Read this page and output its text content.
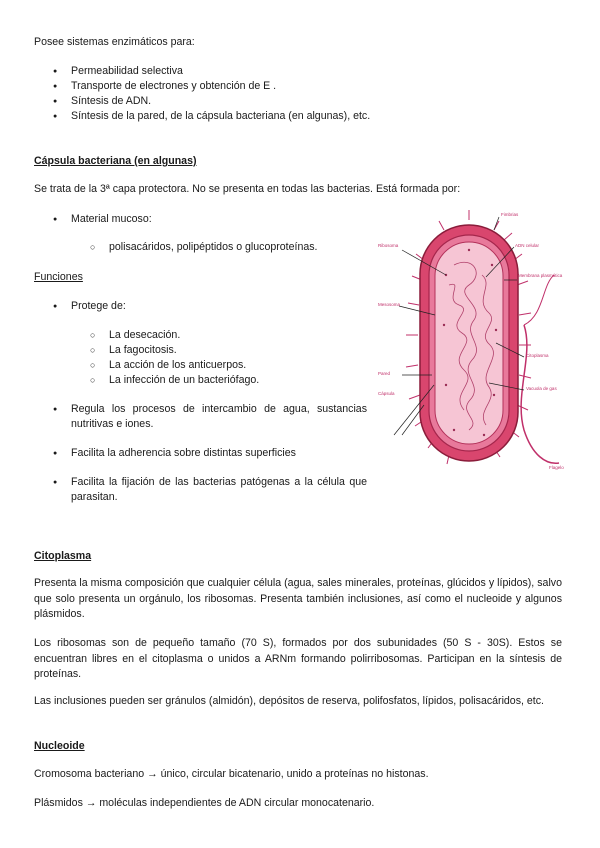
Posee sistemas enzimáticos para:

● Permeabilidad selectiva
● Transporte de electrones y obtención de E .
● Síntesis de ADN.
● Síntesis de la pared, de la cápsula bacteriana (en algunas), etc.

Cápsula bacteriana (en algunas)

Se trata de la 3ª capa protectora. No se presenta en todas las bacterias. Está formada por:

● Material mucoso:
○ polisacáridos, polipéptidos o glucoproteínas.

Funciones

● Protege de:
○ La desecación.
○ La fagocitosis.
○ La acción de los anticuerpos.
○ La infección de un bacteriófago.
● Regula los procesos de intercambio de agua, sustancias nutritivas e iones.
● Facilita la adherencia sobre distintas superficies
● Facilita la fijación de las bacterias patógenas a la célula que parasitan.
Fimbrias
Ribosoma	ADN celular
Membrana plasmática
Mesosoma
Pared
Cápsula
Citoplasma
Vacuola de gas
Flagelo

Citoplasma

Presenta la misma composición que cualquier célula (agua, sales minerales, proteínas, glúcidos y lípidos), salvo que solo presenta un orgánulo, los ribosomas. Presenta también inclusiones, así como el nucleoide y algunos plásmidos.

Los ribosomas son de pequeño tamaño (70 S), formados por dos subunidades (50 S - 30S). Estos se encuentran libres en el citoplasma o unidos a ARNm formando polirribosomas. Participan en la síntesis de proteínas.

Las inclusiones pueden ser gránulos (almidón), depósitos de reserva, polifosfatos, lípidos, polisacáridos, etc.

Nucleoide

Cromosoma bacteriano → único, circular bicatenario, unido a proteínas no histonas.

Plásmidos → moléculas independientes de ADN circular monocatenario.
